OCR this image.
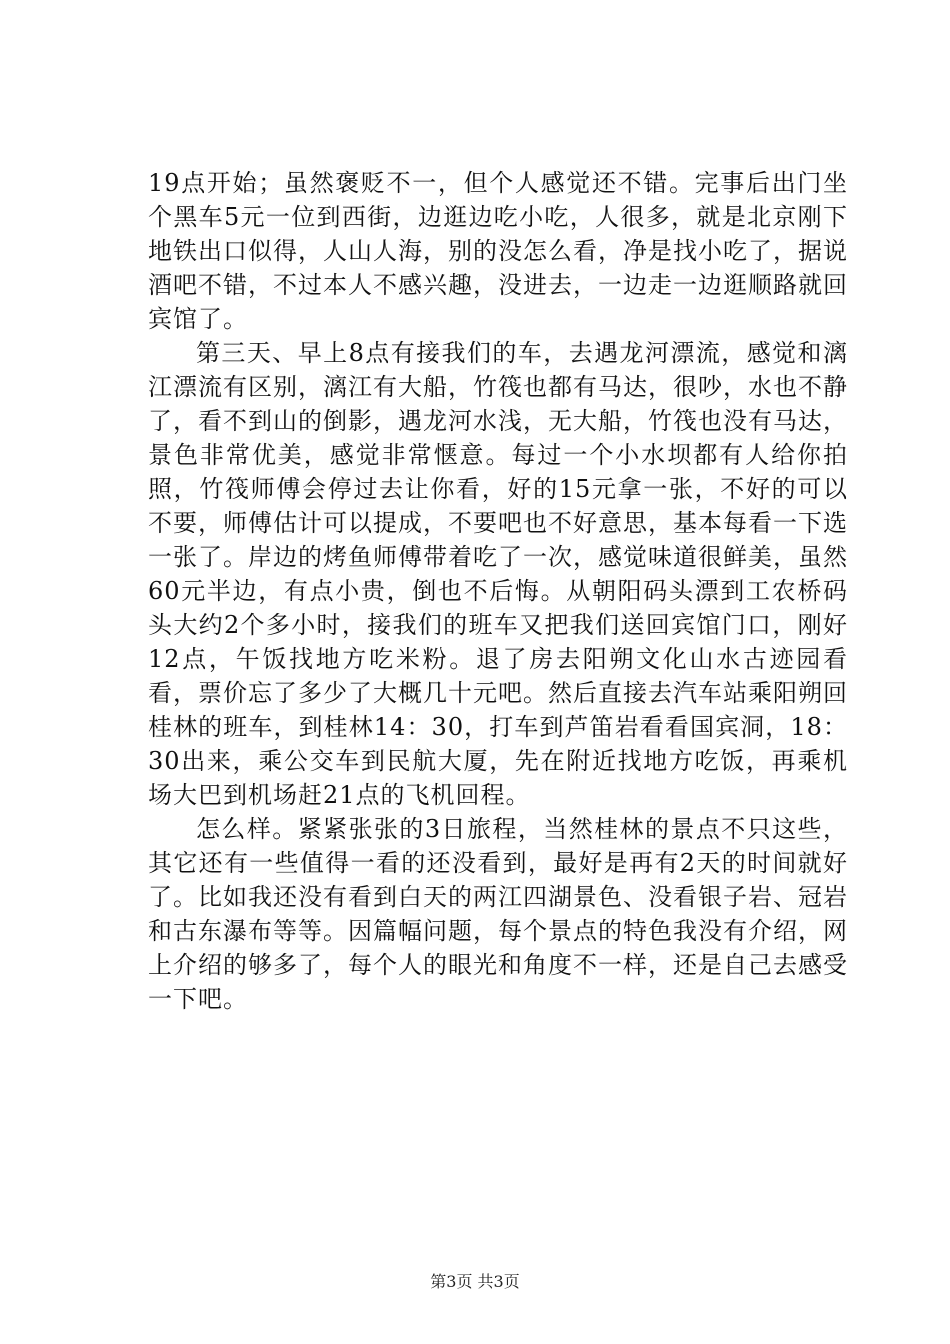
19点开始；虽然褒贬不一，但个人感觉还不错。完事后出门坐个黑车5元一位到西街，边逛边吃小吃，人很多，就是北京刚下地铁出口似得，人山人海，别的没怎么看，净是找小吃了，据说酒吧不错，不过本人不感兴趣，没进去，一边走一边逛顺路就回宾馆了。

第三天、早上8点有接我们的车，去遇龙河漂流，感觉和漓江漂流有区别，漓江有大船，竹筏也都有马达，很吵，水也不静了，看不到山的倒影，遇龙河水浅，无大船，竹筏也没有马达，景色非常优美，感觉非常惬意。每过一个小水坝都有人给你拍照，竹筏师傅会停过去让你看，好的15元拿一张，不好的可以不要，师傅估计可以提成，不要吧也不好意思，基本每看一下选一张了。岸边的烤鱼师傅带着吃了一次，感觉味道很鲜美，虽然60元半边，有点小贵，倒也不后悔。从朝阳码头漂到工农桥码头大约2个多小时，接我们的班车又把我们送回宾馆门口，刚好12点，午饭找地方吃米粉。退了房去阳朔文化山水古迹园看看，票价忘了多少了大概几十元吧。然后直接去汽车站乘阳朔回桂林的班车，到桂林14：30，打车到芦笛岩看看国宾洞，18：30出来，乘公交车到民航大厦，先在附近找地方吃饭，再乘机场大巴到机场赶21点的飞机回程。

怎么样。紧紧张张的3日旅程，当然桂林的景点不只这些，其它还有一些值得一看的还没看到，最好是再有2天的时间就好了。比如我还没有看到白天的两江四湖景色、没看银子岩、冠岩和古东瀑布等等。因篇幅问题，每个景点的特色我没有介绍，网上介绍的够多了，每个人的眼光和角度不一样，还是自己去感受一下吧。

第3页 共3页
